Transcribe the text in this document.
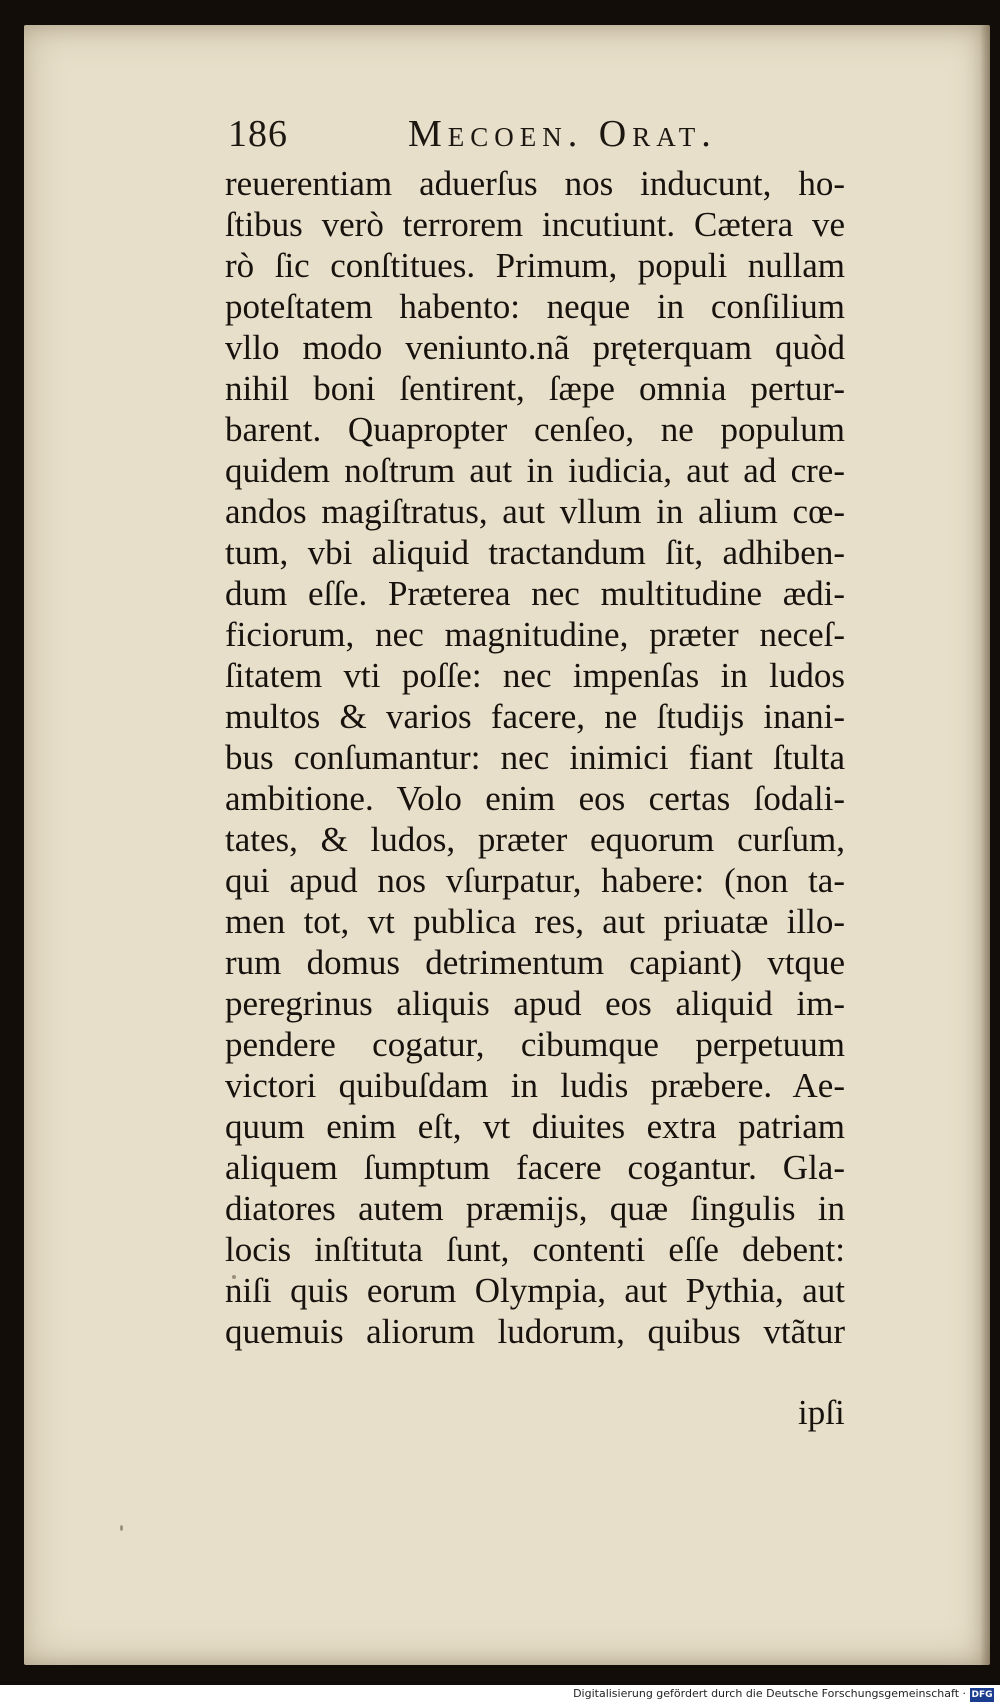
186	Mecoen. Orat.
reuerentiam aduerſus nos inducunt, ho-
ſtibus verò terrorem incutiunt. Cætera ve
rò ſic conſtitues. Primum, populi nullam
poteſtatem habento: neque in conſilium
vllo modo veniunto.nã pręterquam quòd
nihil boni ſentirent, ſæpe omnia pertur-
barent. Quapropter cenſeo, ne populum
quidem noſtrum aut in iudicia, aut ad cre-
andos magiſtratus, aut vllum in alium cœ-
tum, vbi aliquid tractandum ſit, adhiben-
dum eſſe. Præterea nec multitudine ædi-
ficiorum, nec magnitudine, præter neceſ-
ſitatem vti poſſe: nec impenſas in ludos
multos & varios facere, ne ſtudijs inani-
bus conſumantur: nec inimici fiant ſtulta
ambitione. Volo enim eos certas ſodali-
tates, & ludos, præter equorum curſum,
qui apud nos vſurpatur, habere: (non ta-
men tot, vt publica res, aut priuatæ illo-
rum domus detrimentum capiant) vtque
peregrinus aliquis apud eos aliquid im-
pendere cogatur, cibumque perpetuum
victori quibuſdam in ludis præbere. Ae-
quum enim eſt, vt diuites extra patriam
aliquem ſumptum facere cogantur. Gla-
diatores autem præmijs, quæ ſingulis in
locis inſtituta ſunt, contenti eſſe debent:
niſi quis eorum Olympia, aut Pythia, aut
quemuis aliorum ludorum, quibus vtãtur
ipſi
Digitalisierung gefördert durch die Deutsche Forschungsgemeinschaft · DFG
